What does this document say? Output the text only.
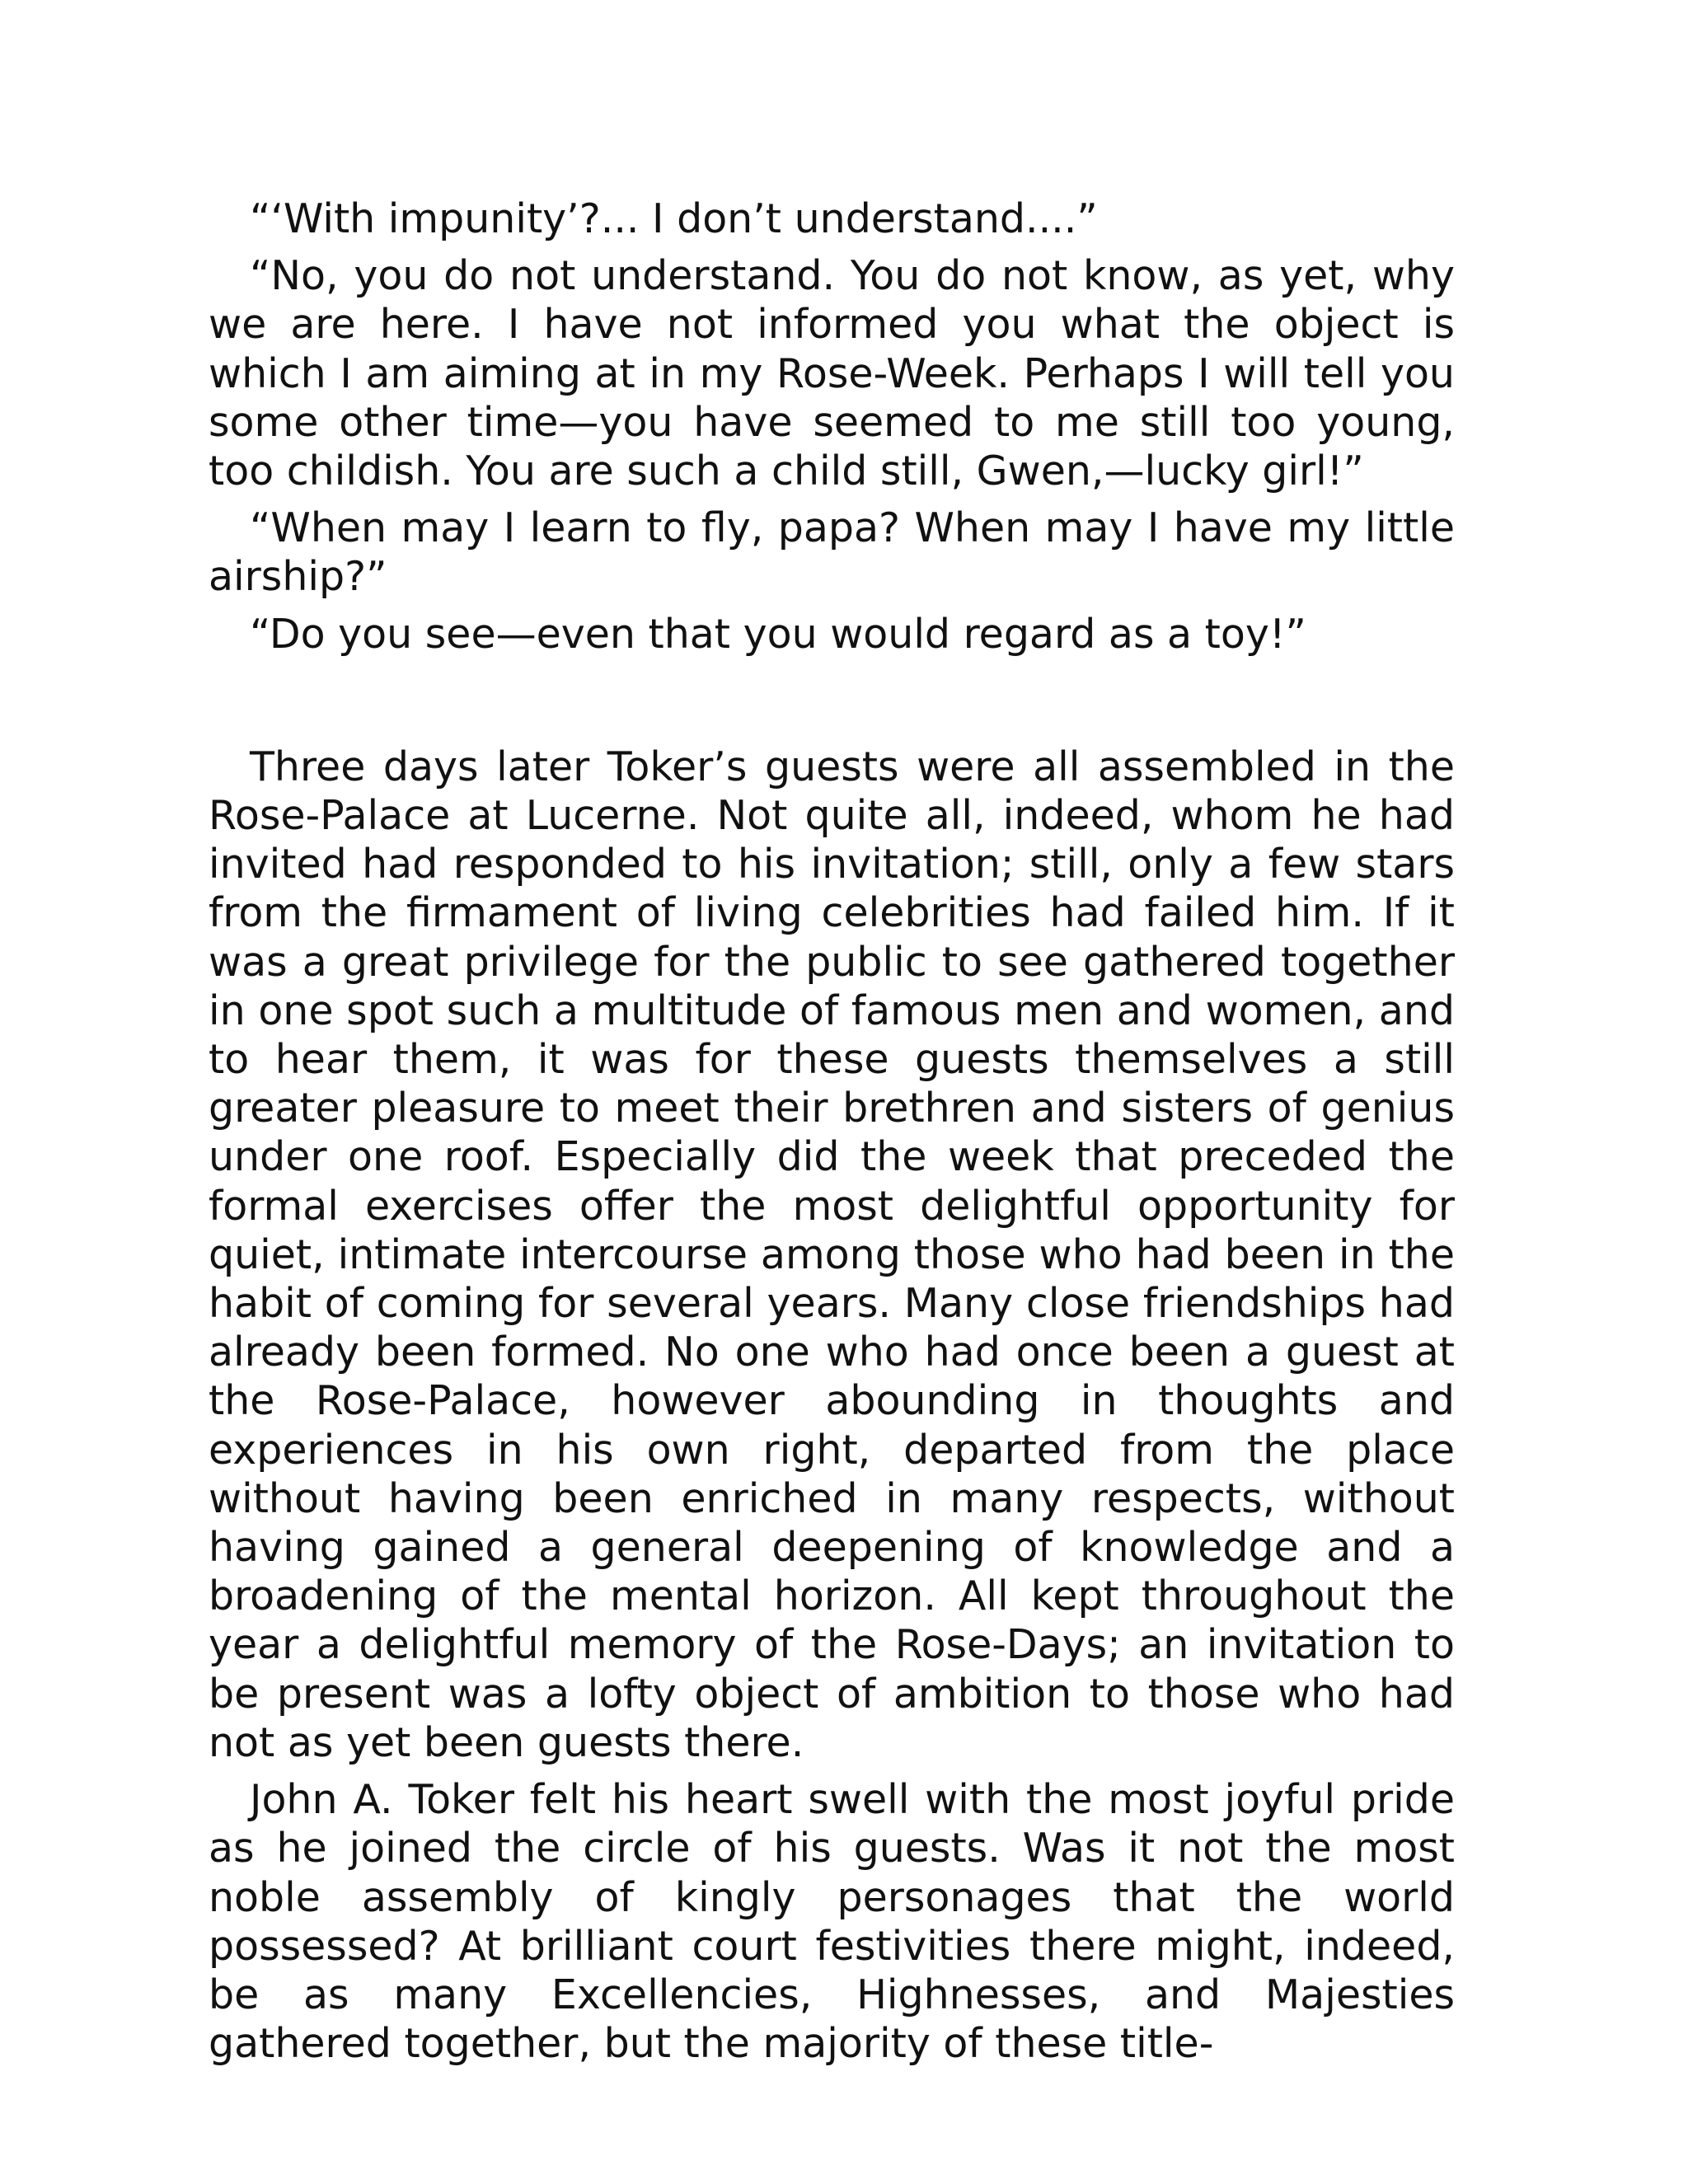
“‘With impunity’?... I don’t understand....”

“No, you do not understand. You do not know, as yet, why we are here. I have not informed you what the object is which I am aiming at in my Rose-Week. Perhaps I will tell you some other time—you have seemed to me still too young, too childish. You are such a child still, Gwen,—lucky girl!”

“When may I learn to fly, papa? When may I have my little airship?”

“Do you see—even that you would regard as a toy!”

Three days later Toker’s guests were all assembled in the Rose-Palace at Lucerne. Not quite all, indeed, whom he had invited had responded to his invitation; still, only a few stars from the firmament of living celebrities had failed him. If it was a great privilege for the public to see gathered together in one spot such a multitude of famous men and women, and to hear them, it was for these guests themselves a still greater pleasure to meet their brethren and sisters of genius under one roof. Especially did the week that preceded the formal exercises offer the most delightful opportunity for quiet, intimate intercourse among those who had been in the habit of coming for several years. Many close friendships had already been formed. No one who had once been a guest at the Rose-Palace, however abounding in thoughts and experiences in his own right, departed from the place without having been enriched in many respects, without having gained a general deepening of knowledge and a broadening of the mental horizon. All kept throughout the year a delightful memory of the Rose-Days; an invitation to be present was a lofty object of ambition to those who had not as yet been guests there.

John A. Toker felt his heart swell with the most joyful pride as he joined the circle of his guests. Was it not the most noble assembly of kingly personages that the world possessed? At brilliant court festivities there might, indeed, be as many Excellencies, Highnesses, and Majesties gathered together, but the majority of these title-
